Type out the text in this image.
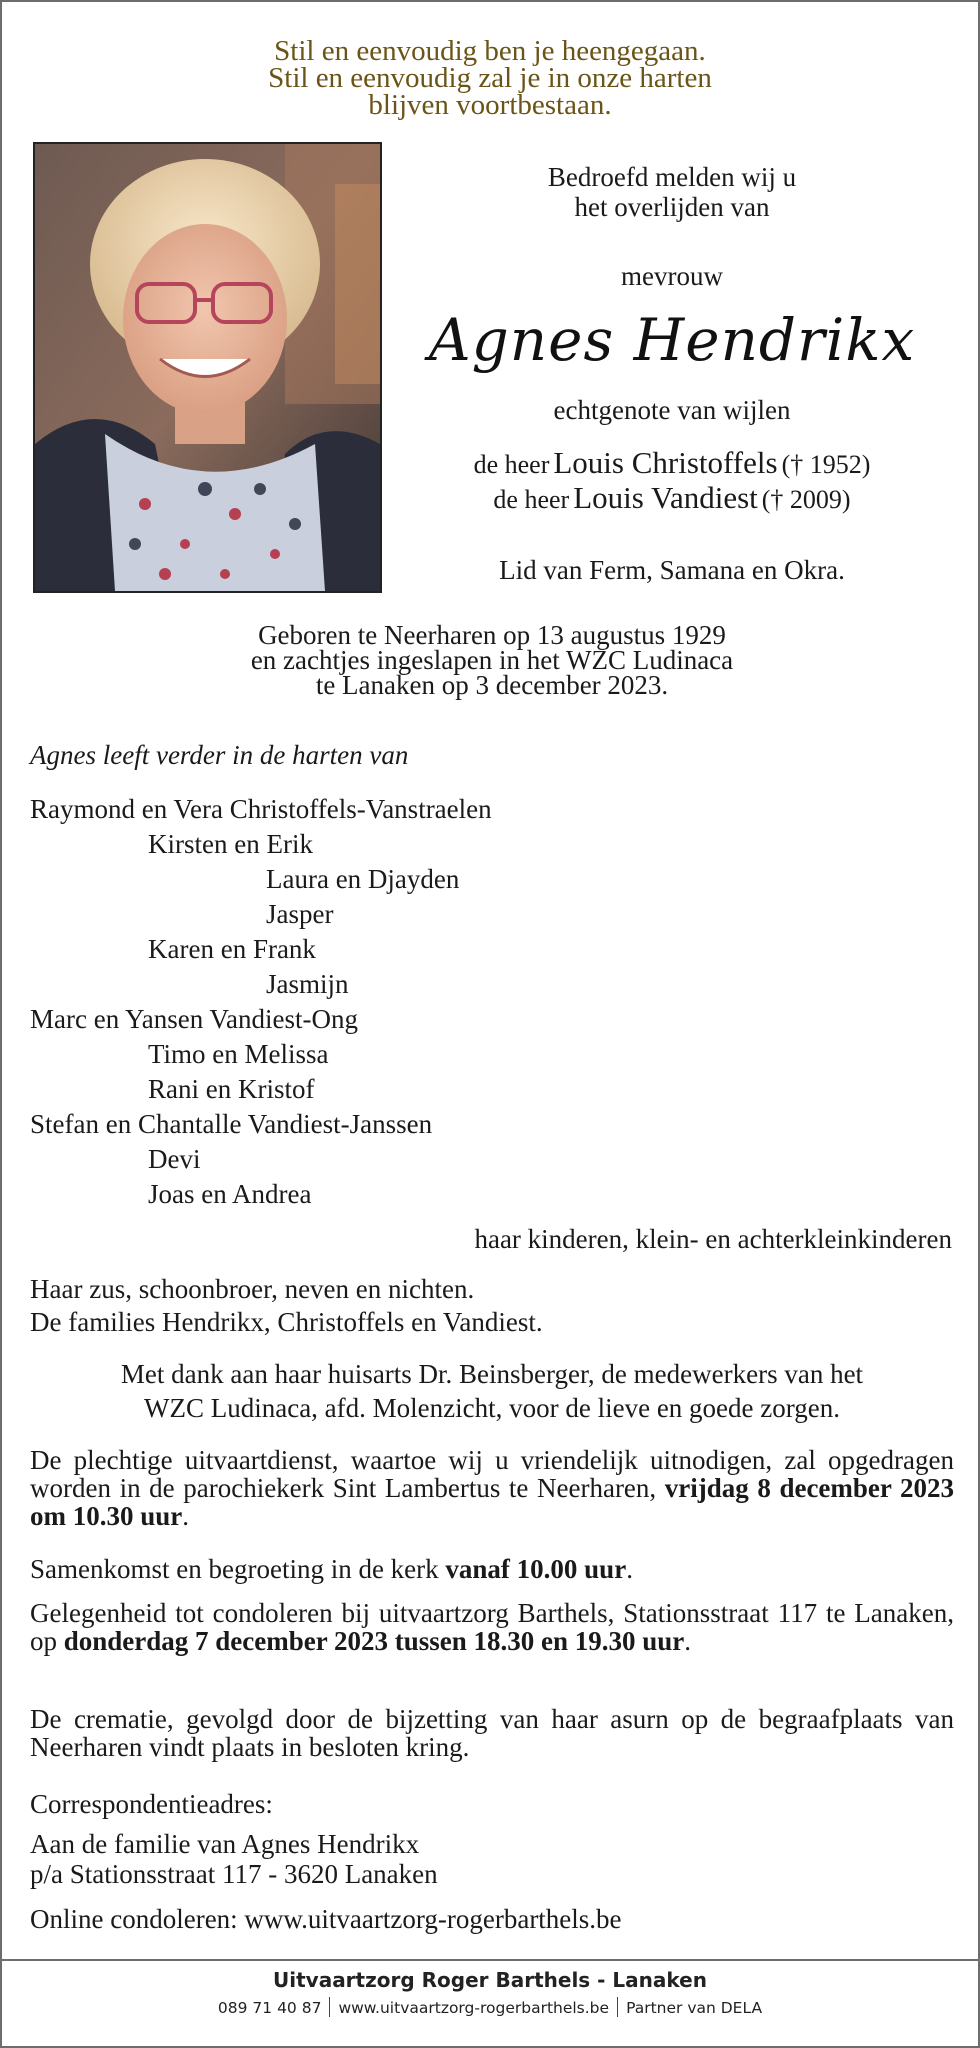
Stil en eenvoudig ben je heengegaan.
Stil en eenvoudig zal je in onze harten
blijven voortbestaan.
Bedroefd melden wij u
het overlijden van
mevrouw
Agnes Hendrikx
echtgenote van wijlen
de heer Louis Christoffels († 1952)
de heer Louis Vandiest († 2009)
Lid van Ferm, Samana en Okra.
Geboren te Neerharen op 13 augustus 1929
en zachtjes ingeslapen in het WZC Ludinaca
te Lanaken op 3 december 2023.
Agnes leeft verder in de harten van
Raymond en Vera Christoffels-Vanstraelen
Kirsten en Erik
Laura en Djayden
Jasper
Karen en Frank
Jasmijn
Marc en Yansen Vandiest-Ong
Timo en Melissa
Rani en Kristof
Stefan en Chantalle Vandiest-Janssen
Devi
Joas en Andrea
haar kinderen, klein- en achterkleinkinderen
Haar zus, schoonbroer, neven en nichten.
De families Hendrikx, Christoffels en Vandiest.
Met dank aan haar huisarts Dr. Beinsberger, de medewerkers van het
WZC Ludinaca, afd. Molenzicht, voor de lieve en goede zorgen.
De plechtige uitvaartdienst, waartoe wij u vriendelijk uitnodigen, zal opgedragen worden in de parochiekerk Sint Lambertus te Neerharen, vrijdag 8 december 2023 om 10.30 uur.
Samenkomst en begroeting in de kerk vanaf 10.00 uur.
Gelegenheid tot condoleren bij uitvaartzorg Barthels, Stationsstraat 117 te Lanaken, op donderdag 7 december 2023 tussen 18.30 en 19.30 uur.
De crematie, gevolgd door de bijzetting van haar asurn op de begraafplaats van Neerharen vindt plaats in besloten kring.
Correspondentieadres:
Aan de familie van Agnes Hendrikx
p/a Stationsstraat 117 - 3620 Lanaken
Online condoleren: www.uitvaartzorg-rogerbarthels.be
Uitvaartzorg Roger Barthels - Lanaken
089 71 40 87 www.uitvaartzorg-rogerbarthels.be Partner van DELA
